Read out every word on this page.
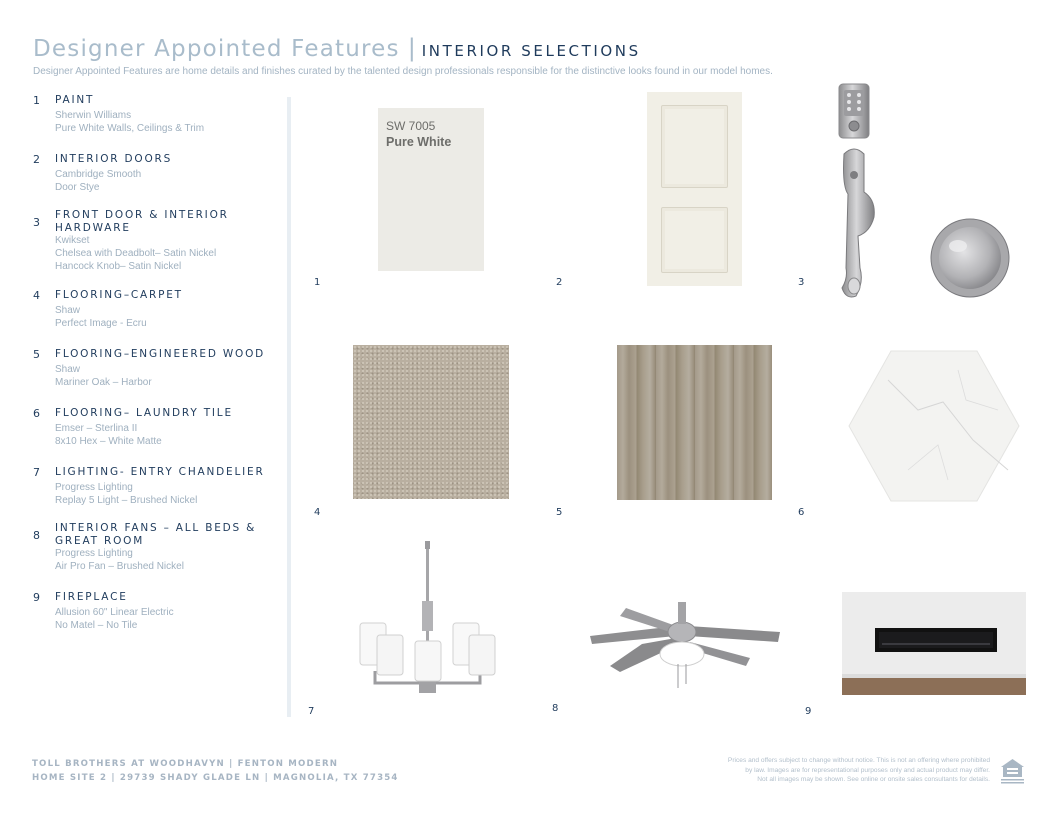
Designer Appointed Features | INTERIOR SELECTIONS
Designer Appointed Features are home details and finishes curated by the talented design professionals responsible for the distinctive looks found in our model homes.
1 PAINT
Sherwin Williams
Pure White Walls, Ceilings & Trim
2 INTERIOR DOORS
Cambridge Smooth
Door Stye
3
FRONT DOOR & INTERIOR HARDWARE
Kwikset
Chelsea with Deadbolt– Satin Nickel
Hancock Knob– Satin Nickel
4 FLOORING–CARPET
Shaw
Perfect Image - Ecru
5 FLOORING–ENGINEERED WOOD
Shaw
Mariner Oak – Harbor
6 FLOORING– LAUNDRY TILE
Emser – Sterlina II
8x10 Hex – White Matte
7 LIGHTING- ENTRY CHANDELIER
Progress Lighting
Replay 5 Light – Brushed Nickel
8
INTERIOR FANS – ALL BEDS & GREAT ROOM
Progress Lighting
Air Pro Fan – Brushed Nickel
9 FIREPLACE
Allusion 60" Linear Electric
No Matel – No Tile
SW 7005
Pure White
1	2	3
4	5	6
7	8	9
TOLL BROTHERS AT WOODHAVYN | FENTON MODERN
HOME SITE 2 | 29739 SHADY GLADE LN | MAGNOLIA, TX 77354
Prices and offers subject to change without notice. This is not an offering where prohibited
by law. Images are for representational purposes only and actual product may differ.
Not all images may be shown. See online or onsite sales consultants for details.
